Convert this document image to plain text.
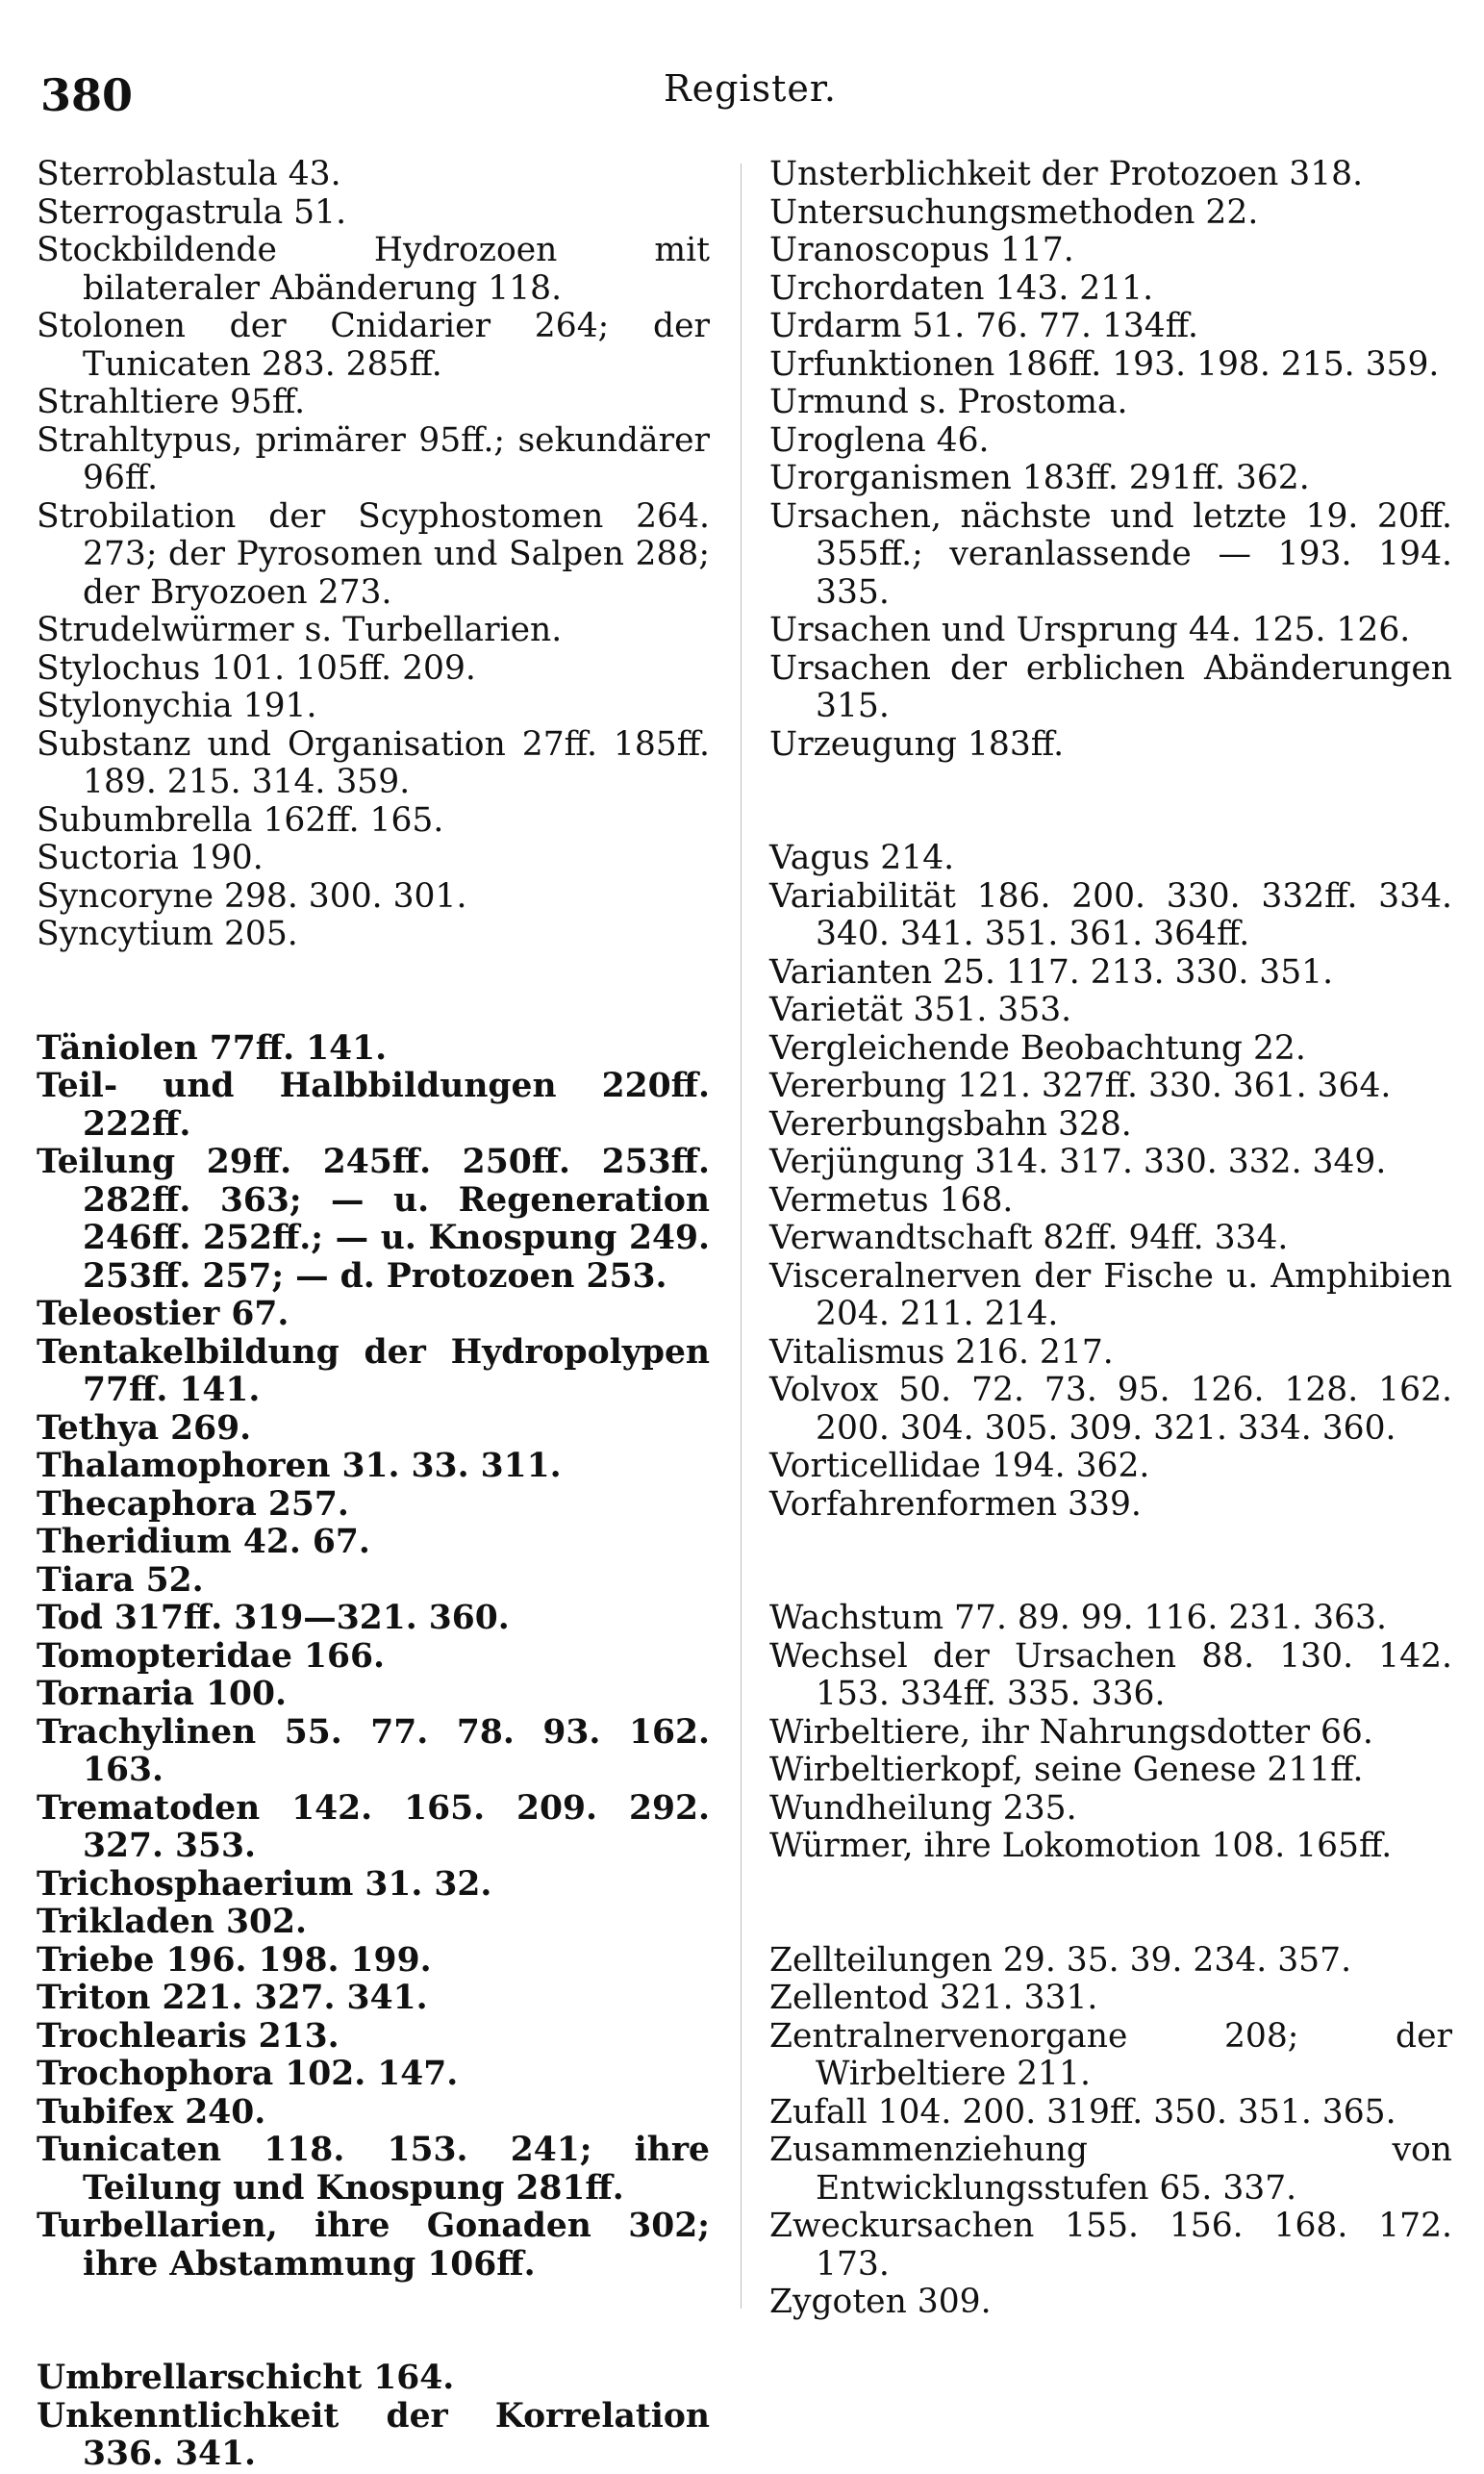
380	Register.

Sterroblastula 43.

Sterrogastrula 51.

Stockbildende Hydrozoen mit bilateraler Abänderung 118.

Stolonen der Cnidarier 264; der Tunicaten 283. 285ff.

Strahltiere 95ff.

Strahltypus, primärer 95ff.; sekundärer 96ff.

Strobilation der Scyphostomen 264. 273; der Pyrosomen und Salpen 288; der Bryozoen 273.

Strudelwürmer s. Turbellarien.

Stylochus 101. 105ff. 209.

Stylonychia 191.

Substanz und Organisation 27ff. 185ff. 189. 215. 314. 359.

Subumbrella 162ff. 165.

Suctoria 190.

Syncoryne 298. 300. 301.

Syncytium 205.

Täniolen 77ff. 141.

Teil- und Halbbildungen 220ff. 222ff.

Teilung 29ff. 245ff. 250ff. 253ff. 282ff. 363; — u. Regeneration 246ff. 252ff.; — u. Knospung 249. 253ff. 257; — d. Protozoen 253.

Teleostier 67.

Tentakelbildung der Hydropolypen 77ff. 141.

Tethya 269.

Thalamophoren 31. 33. 311.

Thecaphora 257.

Theridium 42. 67.

Tiara 52.

Tod 317ff. 319—321. 360.

Tomopteridae 166.

Tornaria 100.

Trachylinen 55. 77. 78. 93. 162. 163.

Trematoden 142. 165. 209. 292. 327. 353.

Trichosphaerium 31. 32.

Trikladen 302.

Triebe 196. 198. 199.

Triton 221. 327. 341.

Trochlearis 213.

Trochophora 102. 147.

Tubifex 240.

Tunicaten 118. 153. 241; ihre Teilung und Knospung 281ff.

Turbellarien, ihre Gonaden 302; ihre Abstammung 106ff.

Umbrellarschicht 164.

Unkenntlichkeit der Korrelation 336. 341.

Unsterblichkeit der Protozoen 318.

Untersuchungsmethoden 22.

Uranoscopus 117.

Urchordaten 143. 211.

Urdarm 51. 76. 77. 134ff.

Urfunktionen 186ff. 193. 198. 215. 359.

Urmund s. Prostoma.

Uroglena 46.

Urorganismen 183ff. 291ff. 362.

Ursachen, nächste und letzte 19. 20ff. 355ff.; veranlassende — 193. 194. 335.

Ursachen und Ursprung 44. 125. 126.

Ursachen der erblichen Abänderungen 315.

Urzeugung 183ff.

Vagus 214.

Variabilität 186. 200. 330. 332ff. 334. 340. 341. 351. 361. 364ff.

Varianten 25. 117. 213. 330. 351.

Varietät 351. 353.

Vergleichende Beobachtung 22.

Vererbung 121. 327ff. 330. 361. 364.

Vererbungsbahn 328.

Verjüngung 314. 317. 330. 332. 349.

Vermetus 168.

Verwandtschaft 82ff. 94ff. 334.

Visceralnerven der Fische u. Amphibien 204. 211. 214.

Vitalismus 216. 217.

Volvox 50. 72. 73. 95. 126. 128. 162. 200. 304. 305. 309. 321. 334. 360.

Vorticellidae 194. 362.

Vorfahrenformen 339.

Wachstum 77. 89. 99. 116. 231. 363.

Wechsel der Ursachen 88. 130. 142. 153. 334ff. 335. 336.

Wirbeltiere, ihr Nahrungsdotter 66.

Wirbeltierkopf, seine Genese 211ff.

Wundheilung 235.

Würmer, ihre Lokomotion 108. 165ff.

Zellteilungen 29. 35. 39. 234. 357.

Zellentod 321. 331.

Zentralnervenorgane 208; der Wirbeltiere 211.

Zufall 104. 200. 319ff. 350. 351. 365.

Zusammenziehung von Entwicklungsstufen 65. 337.

Zweckursachen 155. 156. 168. 172. 173.

Zygoten 309.
